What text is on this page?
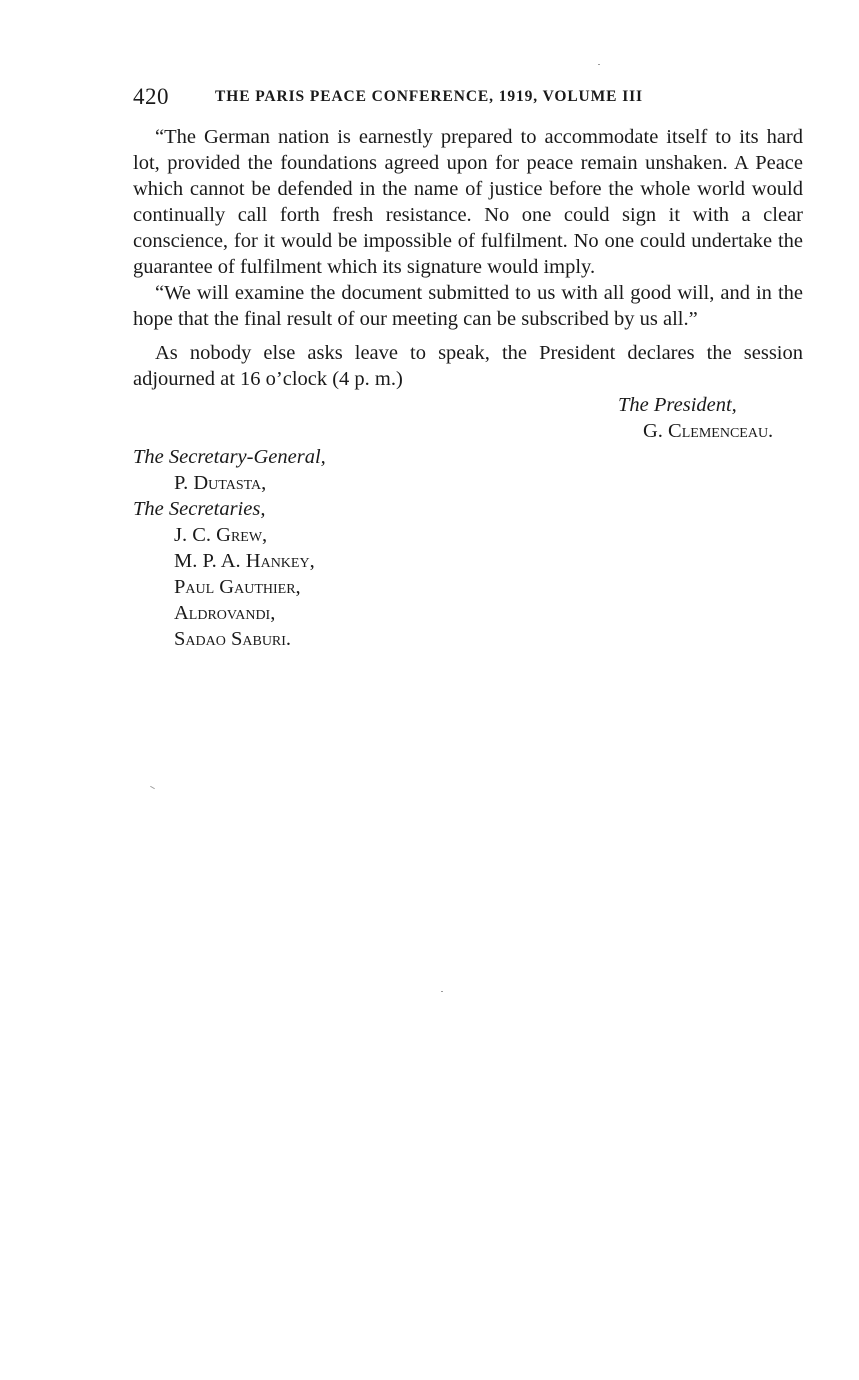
420	THE PARIS PEACE CONFERENCE, 1919, VOLUME III

“The German nation is earnestly prepared to accommodate itself to its hard lot, provided the foundations agreed upon for peace remain unshaken. A Peace which cannot be defended in the name of justice before the whole world would continually call forth fresh resistance. No one could sign it with a clear conscience, for it would be impossible of fulfilment. No one could undertake the guarantee of fulfilment which its signature would imply.

“We will examine the document submitted to us with all good will, and in the hope that the final result of our meeting can be subscribed by us all.”

As nobody else asks leave to speak, the President declares the session adjourned at 16 o’clock (4 p. m.)

The President,
G. Clemenceau.
The Secretary-General,
P. Dutasta,
The Secretaries,
J. C. Grew,
M. P. A. Hankey,
Paul Gauthier,
Aldrovandi,
Sadao Saburi.
